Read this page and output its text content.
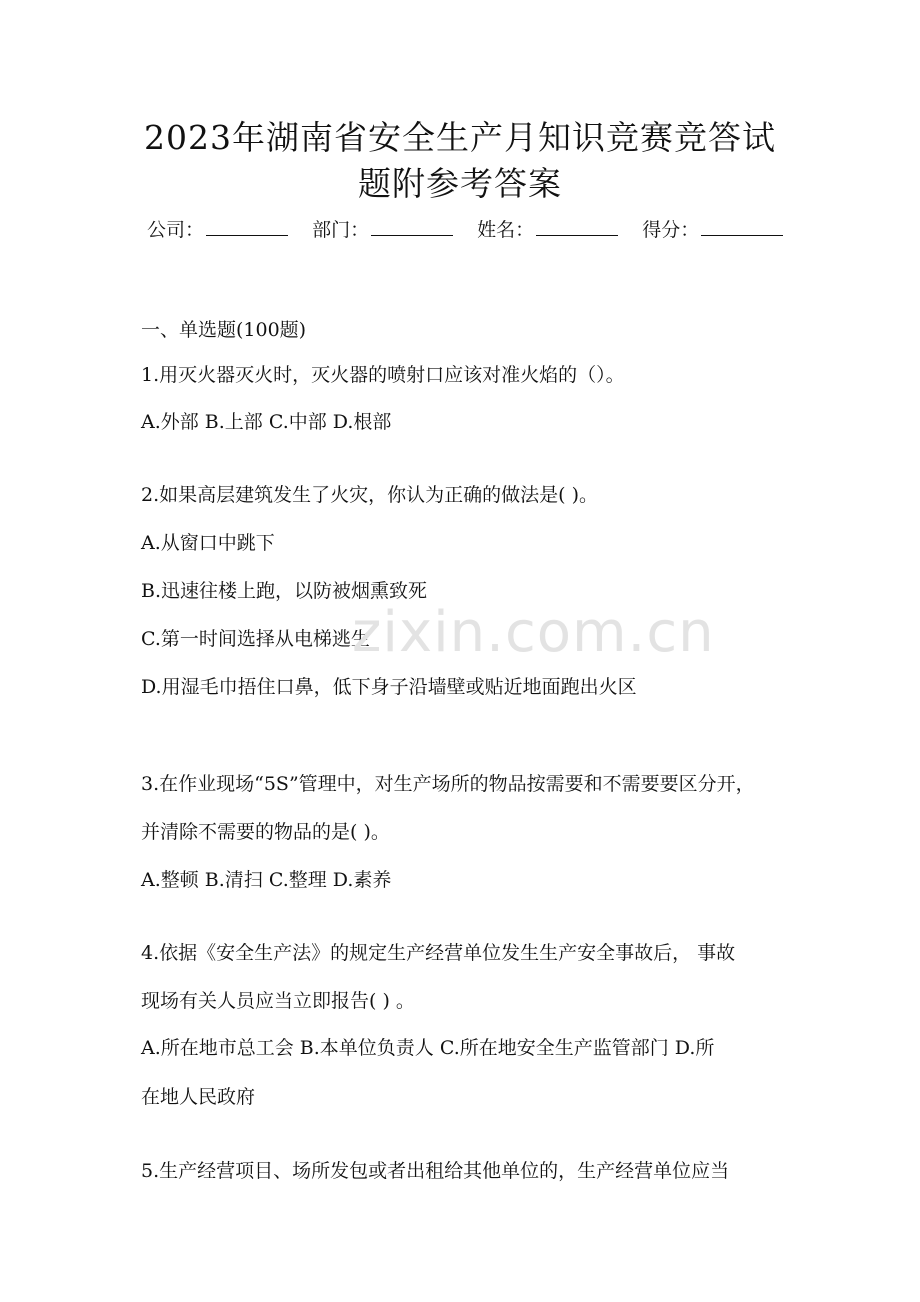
2023年湖南省安全生产月知识竞赛竞答试
题附参考答案
公司：	部门：	姓名：	得分：
一、单选题(100题)
1.用灭火器灭火时，灭火器的喷射口应该对准火焰的（）。
A.外部 B.上部 C.中部 D.根部
2.如果高层建筑发生了火灾，你认为正确的做法是( )。
A.从窗口中跳下
B.迅速往楼上跑，以防被烟熏致死
C.第一时间选择从电梯逃生
D.用湿毛巾捂住口鼻，低下身子沿墙壁或贴近地面跑出火区
3.在作业现场“5S”管理中，对生产场所的物品按需要和不需要要区分开，
并清除不需要的物品的是( )。
A.整顿 B.清扫 C.整理 D.素养
4.依据《安全生产法》的规定生产经营单位发生生产安全事故后， 事故
现场有关人员应当立即报告( ) 。
A.所在地市总工会 B.本单位负责人 C.所在地安全生产监管部门 D.所
在地人民政府
5.生产经营项目、场所发包或者出租给其他单位的，生产经营单位应当
zixin.com.cn
